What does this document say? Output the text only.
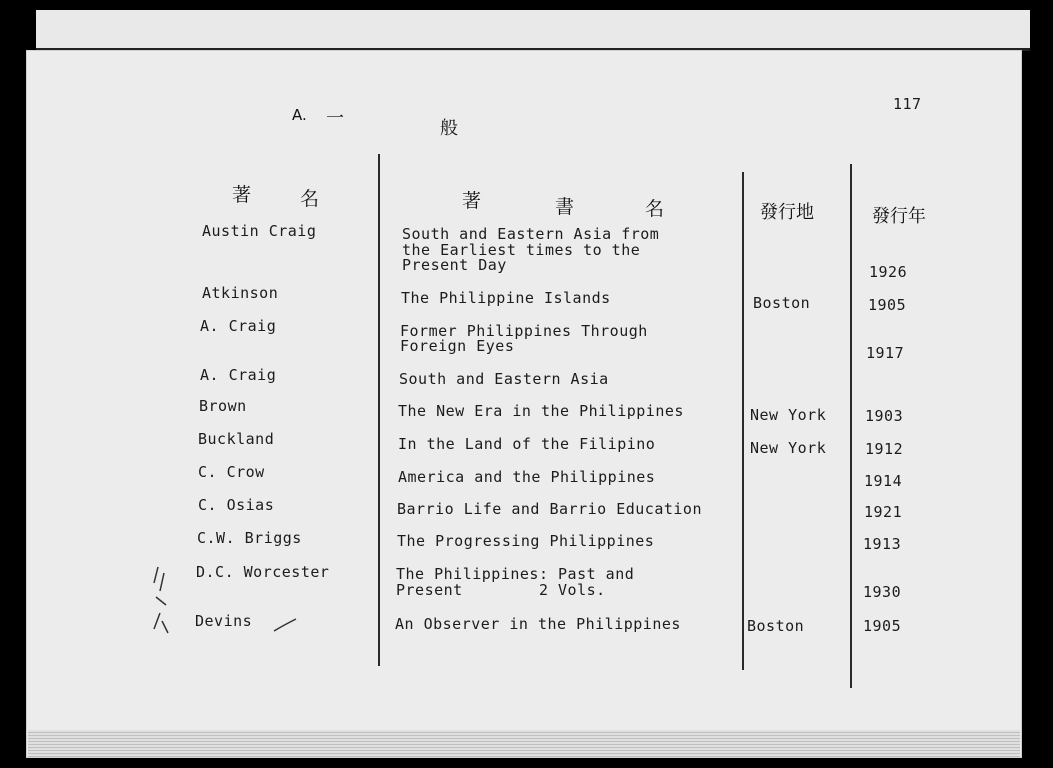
117
A. 一	般
著	名	著	書	名	發行地	發行年
Austin Craig	South and Eastern Asia from
the Earliest times to the
Present Day	1926
Atkinson	The Philippine Islands	Boston	1905
A. Craig	Former Philippines Through
Foreign Eyes	1917
A. Craig	South and Eastern Asia
Brown	The New Era in the Philippines	New York	1903
Buckland	In the Land of the Filipino	New York	1912
C. Crow	America and the Philippines	1914
C. Osias	Barrio Life and Barrio Education	1921
C.W. Briggs	The Progressing Philippines	1913
D.C. Worcester	The Philippines: Past and
Present        2 Vols.	1930
Devins	An Observer in the Philippines	Boston	1905
